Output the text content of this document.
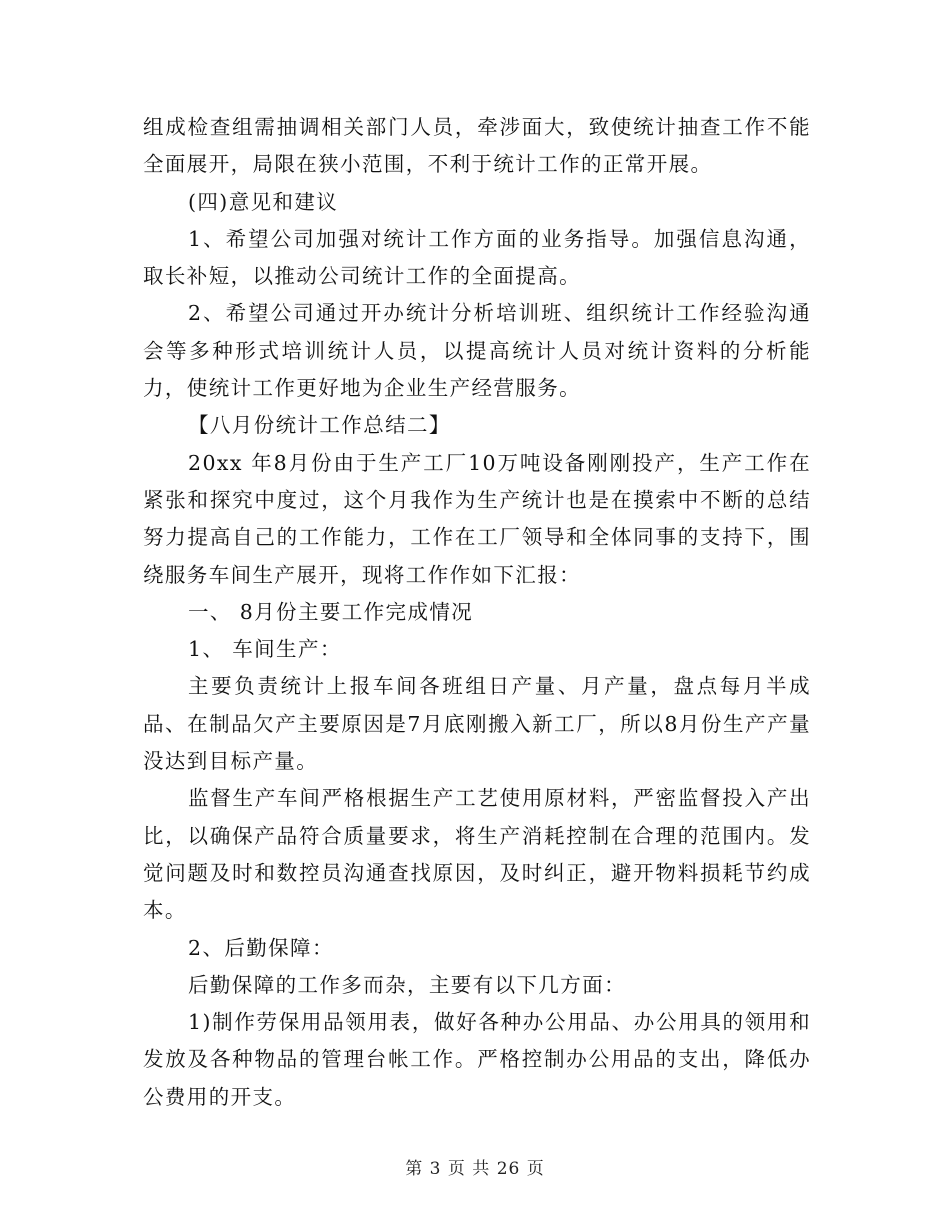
组成检查组需抽调相关部门人员，牵涉面大，致使统计抽查工作不能全面展开，局限在狭小范围，不利于统计工作的正常开展。

(四)意见和建议

1、希望公司加强对统计工作方面的业务指导。加强信息沟通，取长补短，以推动公司统计工作的全面提高。

2、希望公司通过开办统计分析培训班、组织统计工作经验沟通会等多种形式培训统计人员，以提高统计人员对统计资料的分析能力，使统计工作更好地为企业生产经营服务。

【八月份统计工作总结二】

20xx 年8月份由于生产工厂10万吨设备刚刚投产，生产工作在紧张和探究中度过，这个月我作为生产统计也是在摸索中不断的总结努力提高自己的工作能力，工作在工厂领导和全体同事的支持下，围绕服务车间生产展开，现将工作作如下汇报：

一、 8月份主要工作完成情况

1、 车间生产：

主要负责统计上报车间各班组日产量、月产量，盘点每月半成品、在制品欠产主要原因是7月底刚搬入新工厂，所以8月份生产产量没达到目标产量。

监督生产车间严格根据生产工艺使用原材料，严密监督投入产出比，以确保产品符合质量要求，将生产消耗控制在合理的范围内。发觉问题及时和数控员沟通查找原因，及时纠正，避开物料损耗节约成本。

2、后勤保障：

后勤保障的工作多而杂，主要有以下几方面：

1)制作劳保用品领用表，做好各种办公用品、办公用具的领用和发放及各种物品的管理台帐工作。严格控制办公用品的支出，降低办公费用的开支。

第 3 页 共 26 页
